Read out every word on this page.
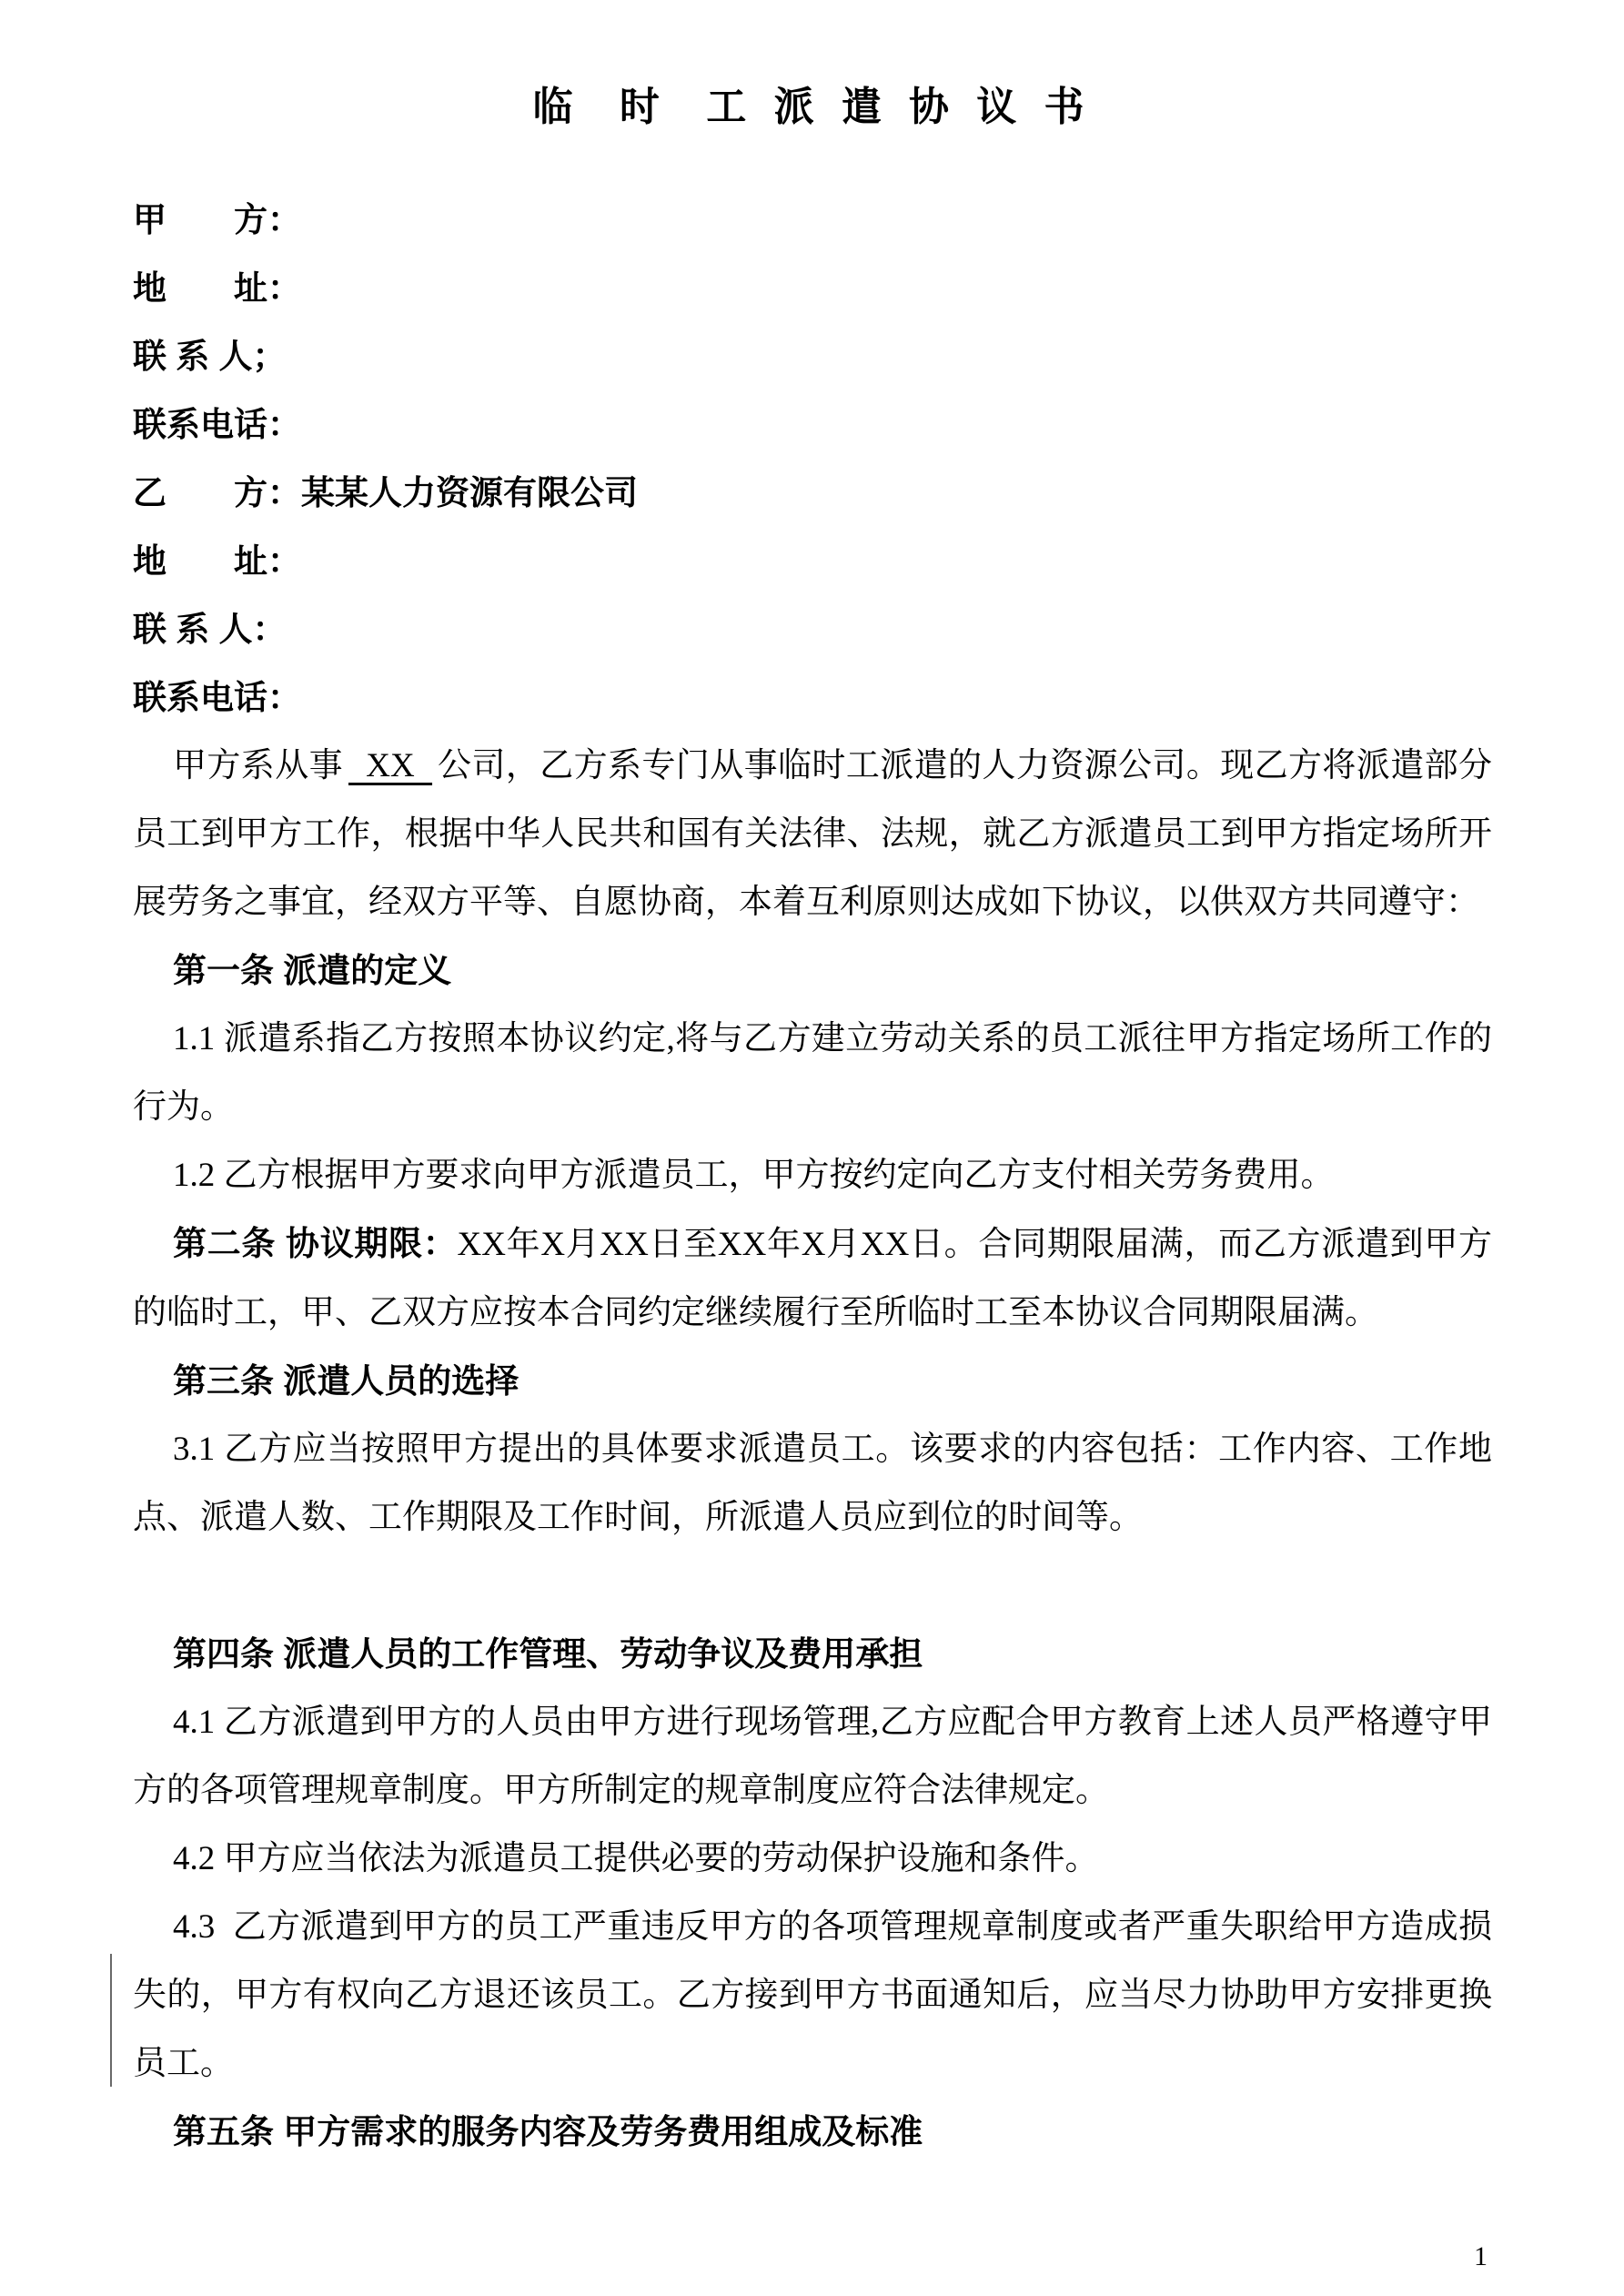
临  时  工 派 遣 协 议 书
甲　　方：
地　　址：
联 系 人；
联系电话：
乙　　方：某某人力资源有限公司
地　　址：
联 系 人：
联系电话：

甲方系从事  XX  公司，乙方系专门从事临时工派遣的人力资源公司。现乙方将派遣部分员工到甲方工作，根据中华人民共和国有关法律、法规，就乙方派遣员工到甲方指定场所开展劳务之事宜，经双方平等、自愿协商，本着互利原则达成如下协议，以供双方共同遵守：

第一条 派遣的定义

1.1 派遣系指乙方按照本协议约定,将与乙方建立劳动关系的员工派往甲方指定场所工作的行为。

1.2 乙方根据甲方要求向甲方派遣员工，甲方按约定向乙方支付相关劳务费用。

第二条 协议期限：XX年X月XX日至XX年X月XX日。合同期限届满，而乙方派遣到甲方的临时工，甲、乙双方应按本合同约定继续履行至所临时工至本协议合同期限届满。

第三条 派遣人员的选择

3.1 乙方应当按照甲方提出的具体要求派遣员工。该要求的内容包括：工作内容、工作地点、派遣人数、工作期限及工作时间，所派遣人员应到位的时间等。

第四条 派遣人员的工作管理、劳动争议及费用承担

4.1 乙方派遣到甲方的人员由甲方进行现场管理,乙方应配合甲方教育上述人员严格遵守甲方的各项管理规章制度。甲方所制定的规章制度应符合法律规定。

4.2 甲方应当依法为派遣员工提供必要的劳动保护设施和条件。

4.3  乙方派遣到甲方的员工严重违反甲方的各项管理规章制度或者严重失职给甲方造成损失的，甲方有权向乙方退还该员工。乙方接到甲方书面通知后，应当尽力协助甲方安排更换员工。

第五条 甲方需求的服务内容及劳务费用组成及标准

1
